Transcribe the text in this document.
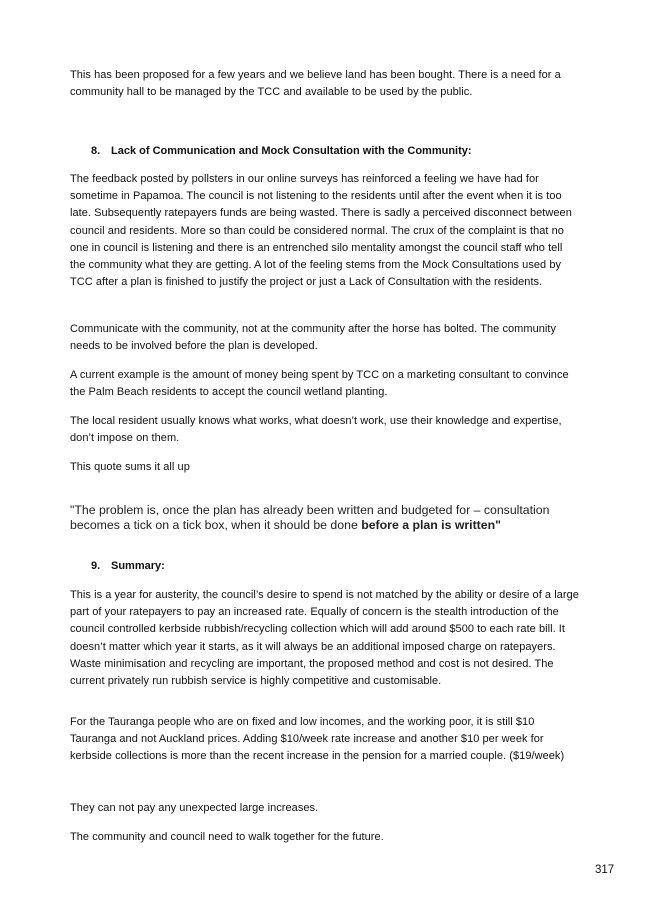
This has been proposed for a few years and we believe land has been bought. There is a need for a community hall to be managed by the TCC and available to be used by the public.

8. Lack of Communication and Mock Consultation with the Community:

The feedback posted by pollsters in our online surveys has reinforced a feeling we have had for sometime in Papamoa. The council is not listening to the residents until after the event when it is too late. Subsequently ratepayers funds are being wasted. There is sadly a perceived disconnect between council and residents. More so than could be considered normal. The crux of the complaint is that no one in council is listening and there is an entrenched silo mentality amongst the council staff who tell the community what they are getting. A lot of the feeling stems from the Mock Consultations used by TCC after a plan is finished to justify the project or just a Lack of Consultation with the residents.

Communicate with the community, not at the community after the horse has bolted. The community needs to be involved before the plan is developed.

A current example is the amount of money being spent by TCC on a marketing consultant to convince the Palm Beach residents to accept the council wetland planting.

The local resident usually knows what works, what doesn’t work, use their knowledge and expertise, don’t impose on them.

This quote sums it all up

"The problem is, once the plan has already been written and budgeted for – consultation becomes a tick on a tick box, when it should be done before a plan is written"

9. Summary:

This is a year for austerity, the council’s desire to spend is not matched by the ability or desire of a large part of your ratepayers to pay an increased rate. Equally of concern is the stealth introduction of the council controlled kerbside rubbish/recycling collection which will add around $500 to each rate bill. It doesn’t matter which year it starts, as it will always be an additional imposed charge on ratepayers. Waste minimisation and recycling are important, the proposed method and cost is not desired. The current privately run rubbish service is highly competitive and customisable.

For the Tauranga people who are on fixed and low incomes, and the working poor, it is still $10 Tauranga and not Auckland prices. Adding $10/week rate increase and another $10 per week for kerbside collections is more than the recent increase in the pension for a married couple. ($19/week)

They can not pay any unexpected large increases.

The community and council need to walk together for the future.

317
